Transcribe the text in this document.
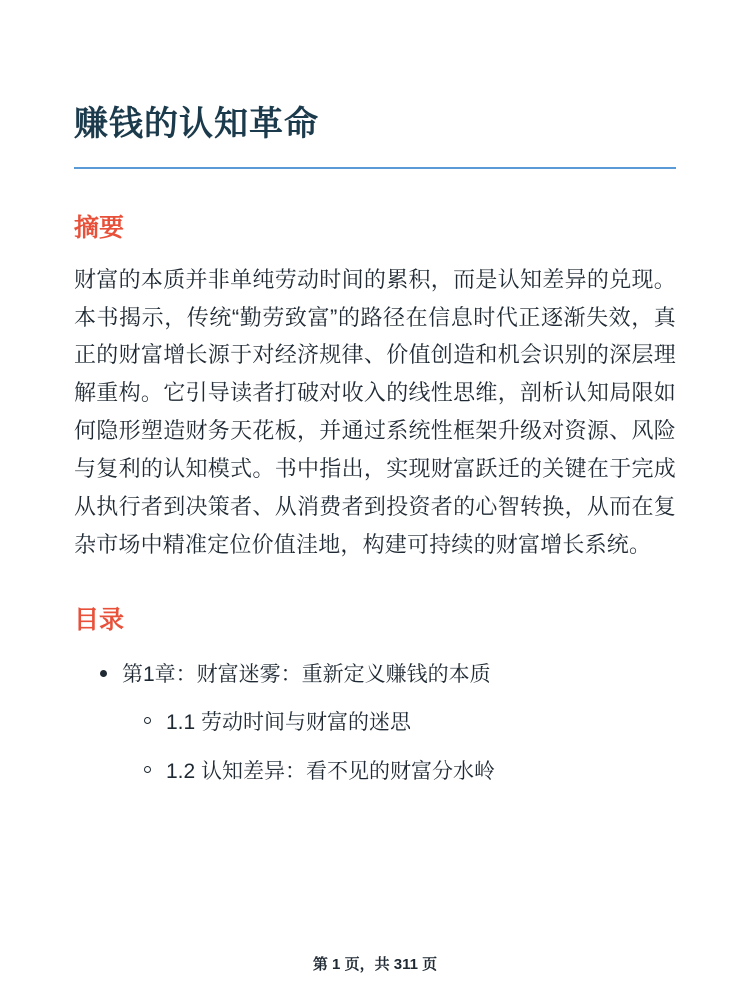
赚钱的认知革命
摘要

财富的本质并非单纯劳动时间的累积，而是认知差异的兑现。本书揭示，传统“勤劳致富”的路径在信息时代正逐渐失效，真正的财富增长源于对经济规律、价值创造和机会识别的深层理解重构。它引导读者打破对收入的线性思维，剖析认知局限如何隐形塑造财务天花板，并通过系统性框架升级对资源、风险与复利的认知模式。书中指出，实现财富跃迁的关键在于完成从执行者到决策者、从消费者到投资者的心智转换，从而在复杂市场中精准定位价值洼地，构建可持续的财富增长系统。

目录
第1章：财富迷雾：重新定义赚钱的本质
1.1 劳动时间与财富的迷思
1.2 认知差异：看不见的财富分水岭
第 1 页，共 311 页
